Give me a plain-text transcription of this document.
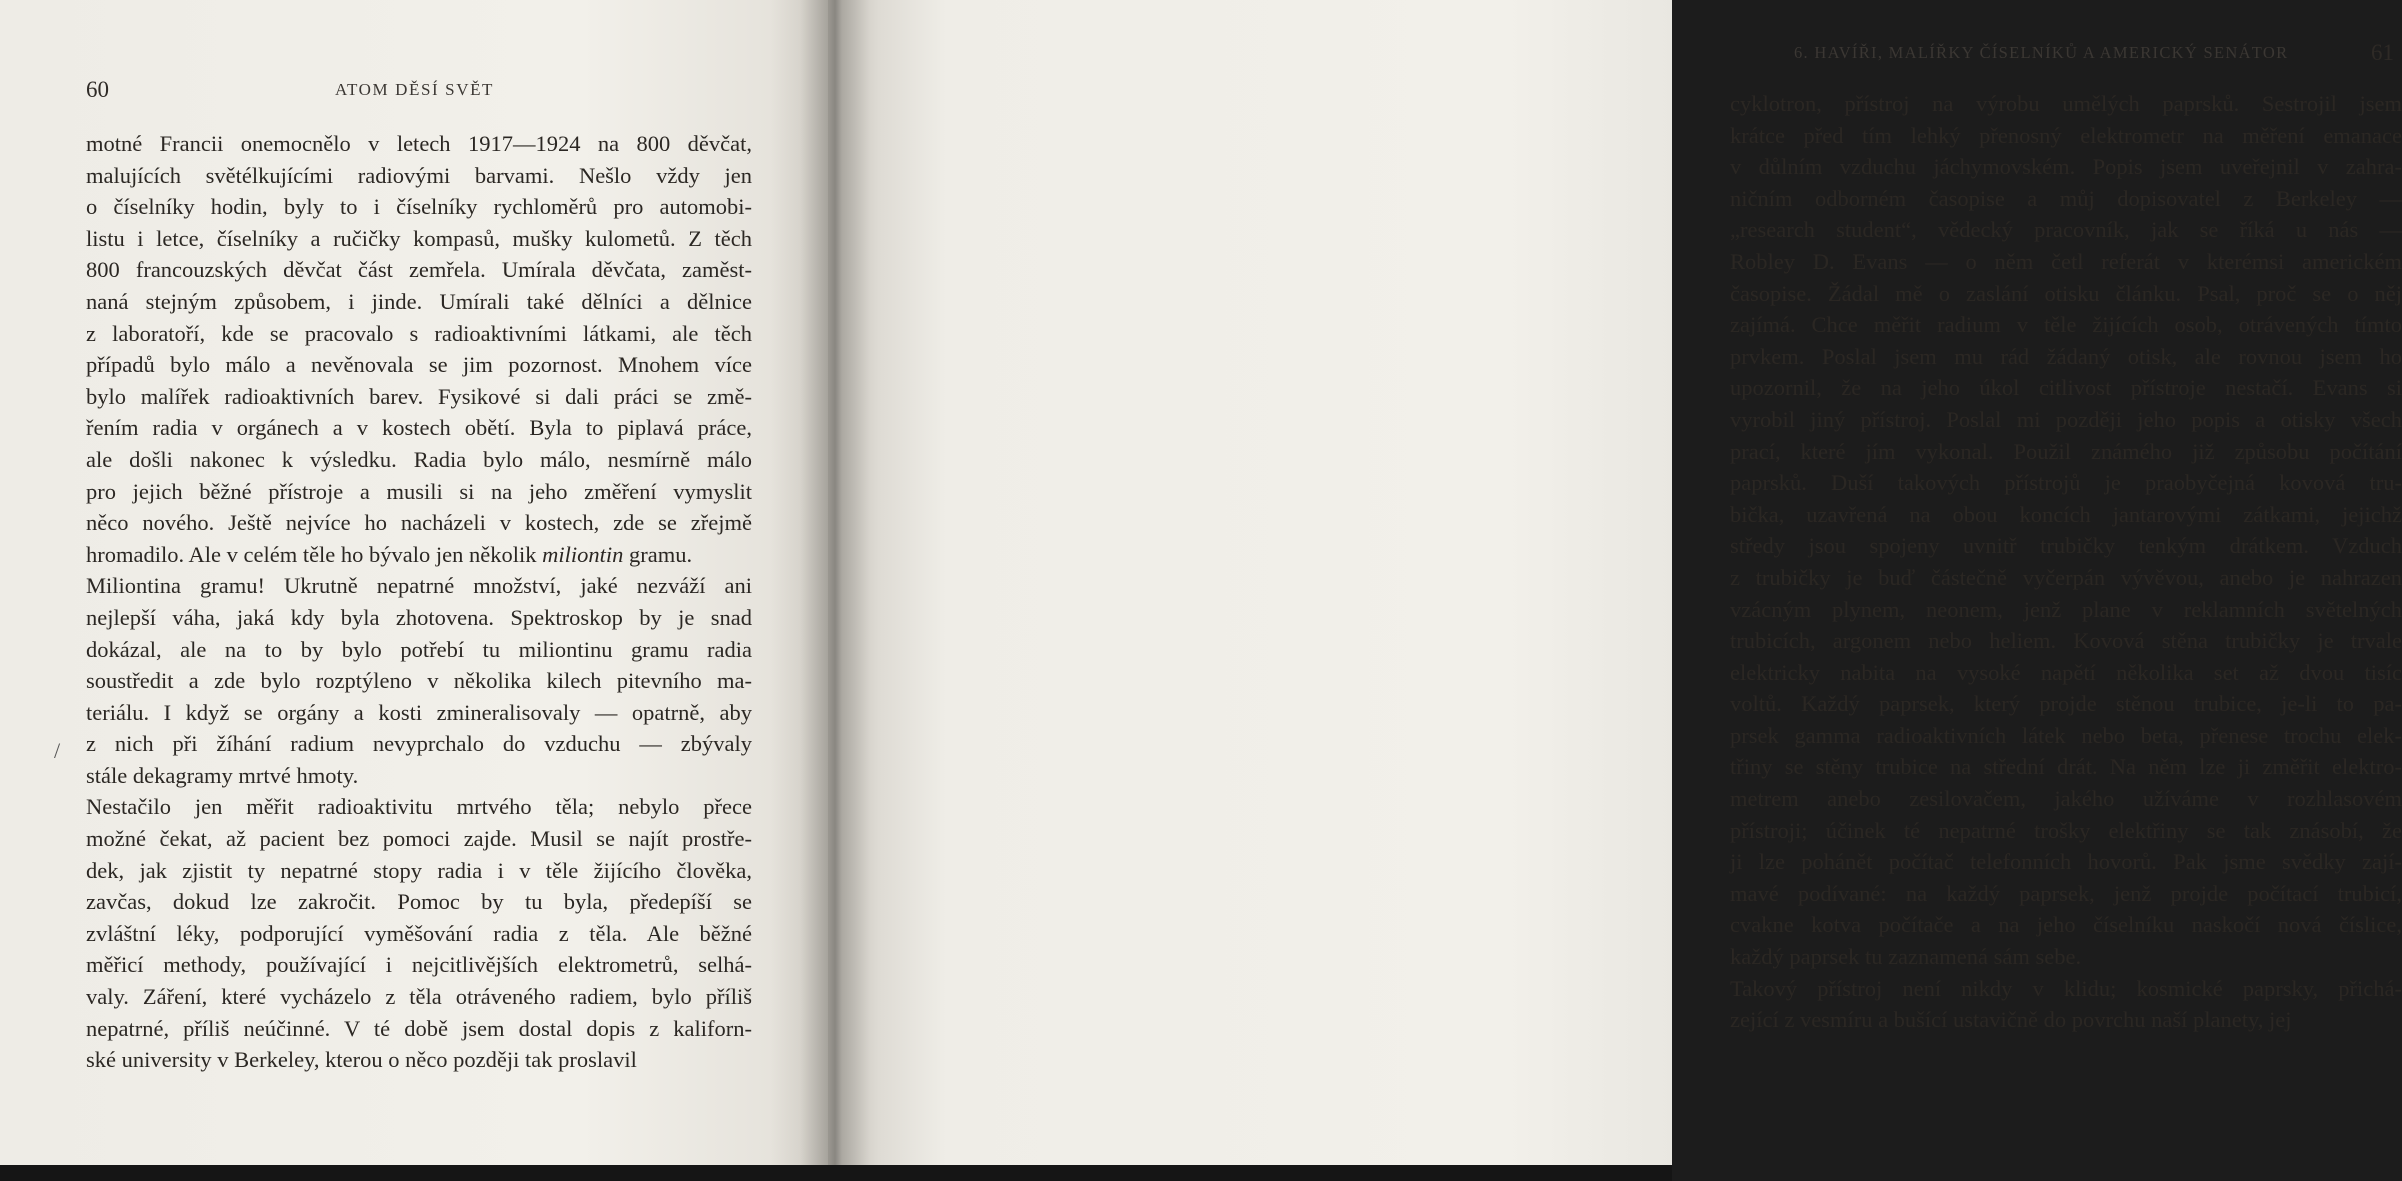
60	ATOM DĚSÍ SVĚT
motné Francii onemocnělo v letech 1917—1924 na 800 děvčat,
malujících světélkujícími radiovými barvami. Nešlo vždy jen
o číselníky hodin, byly to i číselníky rychloměrů pro automobi-
listu i letce, číselníky a ručičky kompasů, mušky kulometů. Z těch
800 francouzských děvčat část zemřela. Umírala děvčata, zaměst-
naná stejným způsobem, i jinde. Umírali také dělníci a dělnice
z laboratoří, kde se pracovalo s radioaktivními látkami, ale těch
případů bylo málo a nevěnovala se jim pozornost. Mnohem více
bylo malířek radioaktivních barev. Fysikové si dali práci se změ-
řením radia v orgánech a v kostech obětí. Byla to piplavá práce,
ale došli nakonec k výsledku. Radia bylo málo, nesmírně málo
pro jejich běžné přístroje a musili si na jeho změření vymyslit
něco nového. Ještě nejvíce ho nacházeli v kostech, zde se zřejmě
hromadilo. Ale v celém těle ho bývalo jen několik miliontin gramu.
Miliontina gramu! Ukrutně nepatrné množství, jaké nezváží ani
nejlepší váha, jaká kdy byla zhotovena. Spektroskop by je snad
dokázal, ale na to by bylo potřebí tu miliontinu gramu radia
soustředit a zde bylo rozptýleno v několika kilech pitevního ma-
teriálu. I když se orgány a kosti zmineralisovaly — opatrně, aby
z nich při žíhání radium nevyprchalo do vzduchu — zbývaly
stále dekagramy mrtvé hmoty.
Nestačilo jen měřit radioaktivitu mrtvého těla; nebylo přece
možné čekat, až pacient bez pomoci zajde. Musil se najít prostře-
dek, jak zjistit ty nepatrné stopy radia i v těle žijícího člověka,
zavčas, dokud lze zakročit. Pomoc by tu byla, předepíší se
zvláštní léky, podporující vyměšování radia z těla. Ale běžné
měřicí methody, používající i nejcitlivějších elektrometrů, selhá-
valy. Záření, které vycházelo z těla otráveného radiem, bylo příliš
nepatrné, příliš neúčinné. V té době jsem dostal dopis z kaliforn-
ské university v Berkeley, kterou o něco později tak proslavil
/
6. HAVÍŘI, MALÍŘKY ČÍSELNÍKŮ A AMERICKÝ SENÁTOR	61
cyklotron, přístroj na výrobu umělých paprsků. Sestrojil jsem
krátce před tím lehký přenosný elektrometr na měření emanace
v důlním vzduchu jáchymovském. Popis jsem uveřejnil v zahra-
ničním odborném časopise a můj dopisovatel z Berkeley —
„research student“, vědecký pracovník, jak se říká u nás —
Robley D. Evans — o něm četl referát v kterémsi americkém
časopise. Žádal mě o zaslání otisku článku. Psal, proč se o něj
zajímá. Chce měřit radium v těle žijících osob, otrávených tímto
prvkem. Poslal jsem mu rád žádaný otisk, ale rovnou jsem ho
upozornil, že na jeho úkol citlivost přístroje nestačí. Evans si
vyrobil jiný přístroj. Poslal mi později jeho popis a otisky všech
prací, které jím vykonal. Použil známého již způsobu počítání
paprsků. Duší takových přístrojů je praobyčejná kovová tru-
bička, uzavřená na obou koncích jantarovými zátkami, jejichž
středy jsou spojeny uvnitř trubičky tenkým drátkem. Vzduch
z trubičky je buď částečně vyčerpán vývěvou, anebo je nahrazen
vzácným plynem, neonem, jenž plane v reklamních světelných
trubicích, argonem nebo heliem. Kovová stěna trubičky je trvale
elektricky nabita na vysoké napětí několika set až dvou tisíc
voltů. Každý paprsek, který projde stěnou trubice, je-li to pa-
prsek gamma radioaktivních látek nebo beta, přenese trochu elek-
třiny se stěny trubice na střední drát. Na něm lze ji změřit elektro-
metrem anebo zesilovačem, jakého užíváme v rozhlasovém
přístroji; účinek té nepatrné trošky elektřiny se tak znásobí, že
ji lze pohánět počítač telefonních hovorů. Pak jsme svědky zají-
mavé podívané: na každý paprsek, jenž projde počítací trubicí,
cvakne kotva počítače a na jeho číselníku naskočí nová číslice,
každý paprsek tu zaznamená sám sebe.
Takový přístroj není nikdy v klidu; kosmické paprsky, přichá-
zející z vesmíru a bušící ustavičně do povrchu naší planety, jej
